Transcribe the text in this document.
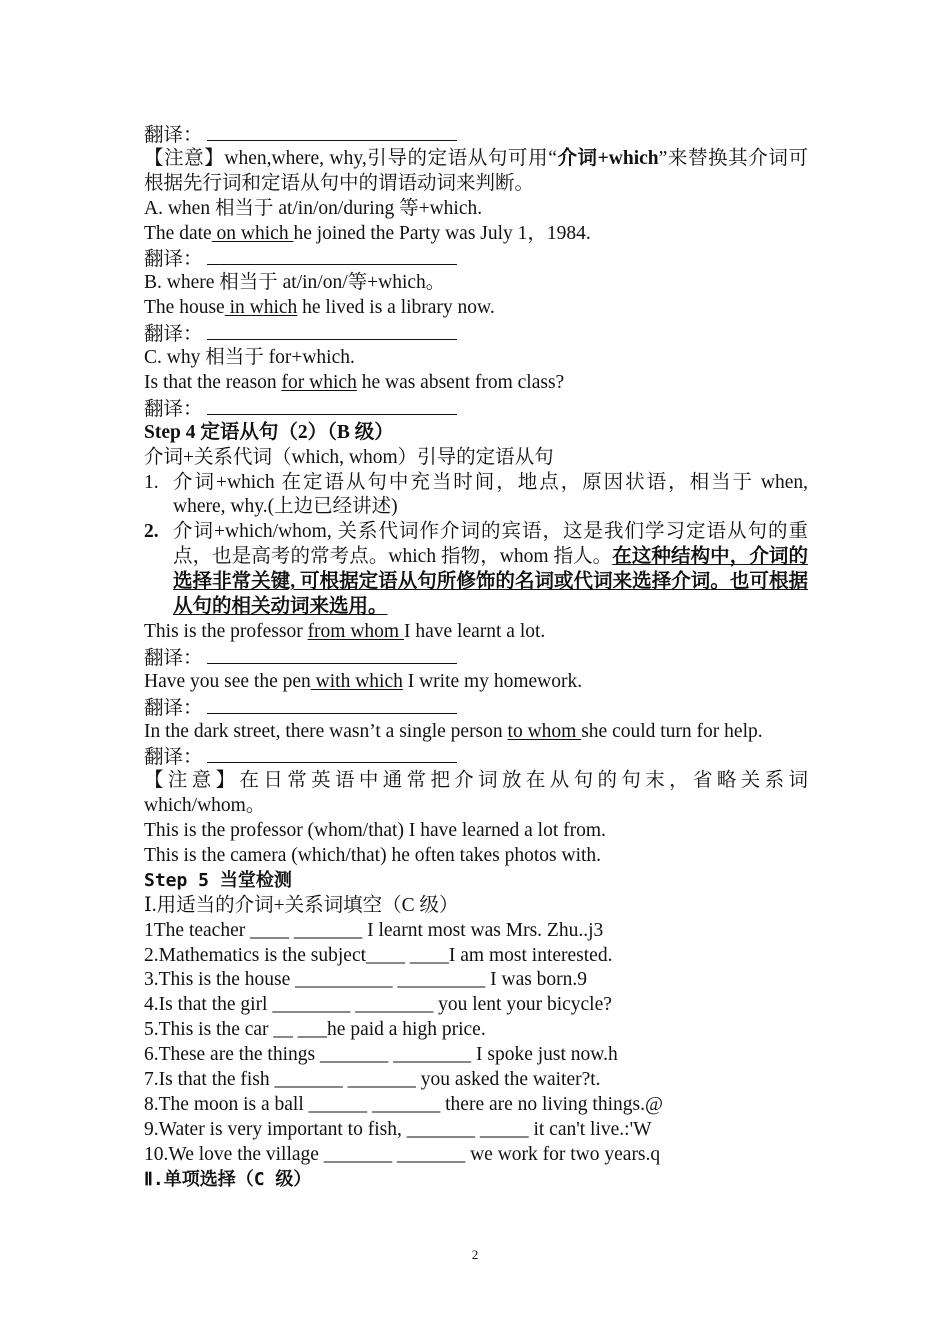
翻译：
【注意】when,where, why,引导的定语从句可用“介词+which”来替换其介词可根据先行词和定语从句中的谓语动词来判断。
A. when 相当于 at/in/on/during 等+which.
The date on which he joined the Party was July 1，1984.
翻译：
B. where 相当于 at/in/on/等+which。
The house in which he lived is a library now.
翻译：
C. why 相当于 for+which.
Is that the reason for which he was absent from class?
翻译：
Step 4 定语从句（2）（B 级）
介词+关系代词（which, whom）引导的定语从句
1. 介词+which 在定语从句中充当时间，地点，原因状语，相当于 when, where, why.(上边已经讲述)
2. 介词+which/whom, 关系代词作介词的宾语，这是我们学习定语从句的重点，也是高考的常考点。which 指物，whom 指人。在这种结构中，介词的选择非常关键, 可根据定语从句所修饰的名词或代词来选择介词。也可根据从句的相关动词来选用。
This is the professor from whom I have learnt a lot.
翻译：
Have you see the pen with which I write my homework.
翻译：
In the dark street, there wasn’t a single person to whom she could turn for help.
翻译：
【注意】在日常英语中通常把介词放在从句的句末，省略关系词 which/whom。
This is the professor (whom/that) I have learned a lot from.
This is the camera (which/that) he often takes photos with.
Step 5 当堂检测
Ⅰ.用适当的介词+关系词填空（C 级）
1The teacher ____ _______ I learnt most was Mrs. Zhu..j3
2.Mathematics is the subject____ ____I am most interested.
3.This is the house __________ _________ I was born.9
4.Is that the girl ________ ________ you lent your bicycle?
5.This is the car __ ___he paid a high price.
6.These are the things _______ ________ I spoke just now.h
7.Is that the fish _______ _______ you asked the waiter?t.
8.The moon is a ball ______ _______ there are no living things.@
9.Water is very important to fish, _______ _____ it can't live.:'W
10.We love the village _______ _______ we work for two years.q
Ⅱ.单项选择（C 级）
2
